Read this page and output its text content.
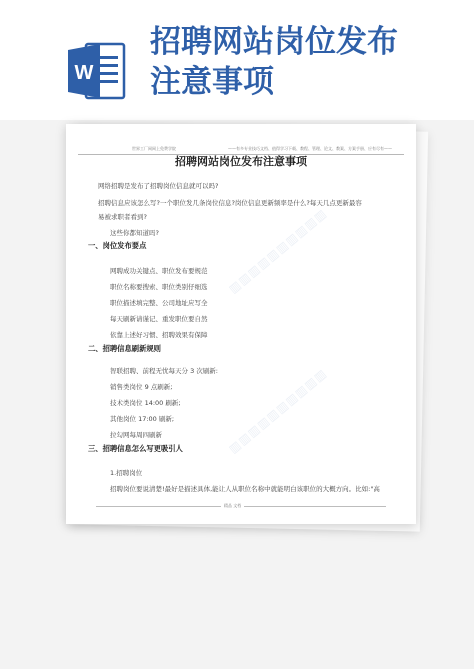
W
招聘网站岗位发布
注意事项
▥▥▥▥▥▥▥▥▥▥
▥▥▥▥▥▥▥▥▥▥
世界工厂网网上免费学院	——有多专业技巧文档、值得学习下载、教程、管理、论文、教案、方案手册、应有尽有——
招聘网站岗位发布注意事项
网络招聘是发布了招聘岗位信息就可以吗?
招聘信息应该怎么写?一个职位发几条岗位信息?岗位信息更新频率是什么?每天几点更新最容
易被求职者看到?
这些你都知道吗?
一、岗位发布要点
网聘成功关键点、职位发布要规范
职位名称要搜索、职位类别仔细选
职位描述填完整、公司地址应写全
每天刷新请谨记、重发职位要自然
依靠上述好习惯、招聘效果有保障
二、招聘信息刷新规则
智联招聘、前程无忧每天分 3 次刷新:
销售类岗位 9 点刷新;
技术类岗位 14:00 刷新;
其他岗位 17:00 刷新;
拉勾网每周四刷新
三、招聘信息怎么写更吸引人
1.招聘岗位
招聘岗位要说清楚!最好是描述具体,能让人从职位名称中就能明白该职位的大概方向。比如:"高
精品 文档
